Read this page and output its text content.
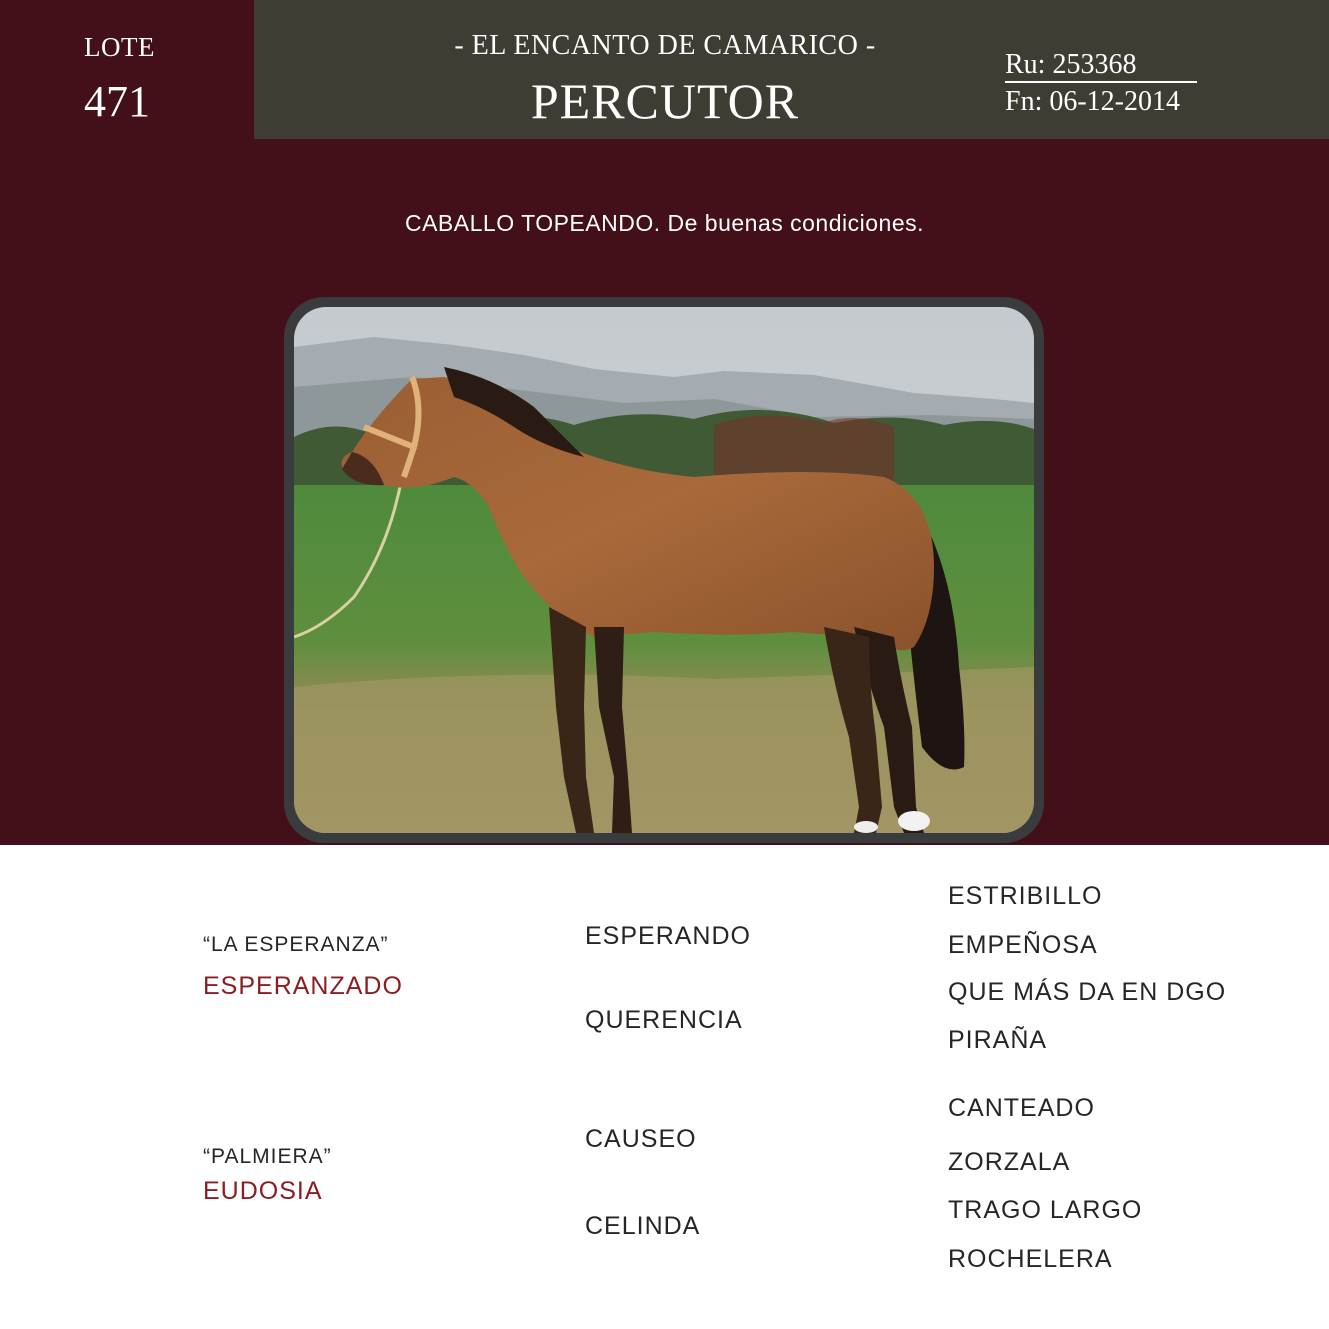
LOTE
471
- EL ENCANTO DE CAMARICO -
PERCUTOR
Ru: 253368
Fn: 06-12-2014
CABALLO TOPEANDO. De buenas condiciones.
“LA ESPERANZA”
ESPERANZADO
ESPERANDO
QUERENCIA
ESTRIBILLO
EMPEÑOSA
QUE MÁS DA EN DGO
PIRAÑA
“PALMIERA”
EUDOSIA
CAUSEO
CELINDA
CANTEADO
ZORZALA
TRAGO LARGO
ROCHELERA
